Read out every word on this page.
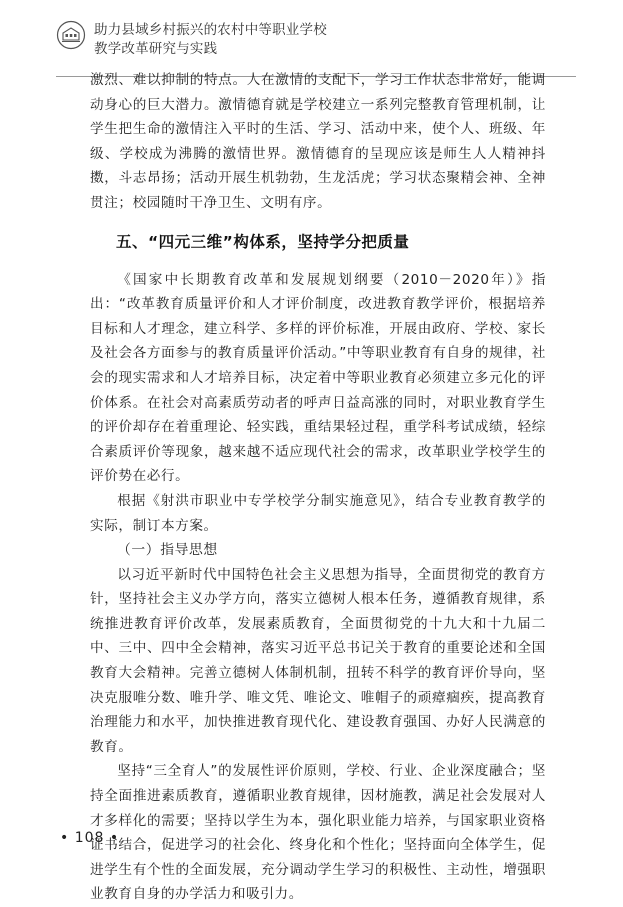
助力县域乡村振兴的农村中等职业学校
教学改革研究与实践

激烈、难以抑制的特点。人在激情的支配下，学习工作状态非常好，能调动身心的巨大潜力。激情德育就是学校建立一系列完整教育管理机制，让学生把生命的激情注入平时的生活、学习、活动中来，使个人、班级、年级、学校成为沸腾的激情世界。激情德育的呈现应该是师生人人精神抖擞，斗志昂扬；活动开展生机勃勃，生龙活虎；学习状态聚精会神、全神贯注；校园随时干净卫生、文明有序。

五、“四元三维”构体系，坚持学分把质量

《国家中长期教育改革和发展规划纲要（2010－2020年）》指出：“改革教育质量评价和人才评价制度，改进教育教学评价，根据培养目标和人才理念，建立科学、多样的评价标准，开展由政府、学校、家长及社会各方面参与的教育质量评价活动。”中等职业教育有自身的规律，社会的现实需求和人才培养目标，决定着中等职业教育必须建立多元化的评价体系。在社会对高素质劳动者的呼声日益高涨的同时，对职业教育学生的评价却存在着重理论、轻实践，重结果轻过程，重学科考试成绩，轻综合素质评价等现象，越来越不适应现代社会的需求，改革职业学校学生的评价势在必行。

根据《射洪市职业中专学校学分制实施意见》，结合专业教育教学的实际，制订本方案。

（一）指导思想

以习近平新时代中国特色社会主义思想为指导，全面贯彻党的教育方针，坚持社会主义办学方向，落实立德树人根本任务，遵循教育规律，系统推进教育评价改革，发展素质教育，全面贯彻党的十九大和十九届二中、三中、四中全会精神，落实习近平总书记关于教育的重要论述和全国教育大会精神。完善立德树人体制机制，扭转不科学的教育评价导向，坚决克服唯分数、唯升学、唯文凭、唯论文、唯帽子的顽瘴痼疾，提高教育治理能力和水平，加快推进教育现代化、建设教育强国、办好人民满意的教育。

坚持“三全育人”的发展性评价原则，学校、行业、企业深度融合；坚持全面推进素质教育，遵循职业教育规律，因材施教，满足社会发展对人才多样化的需要；坚持以学生为本，强化职业能力培养，与国家职业资格证书结合，促进学习的社会化、终身化和个性化；坚持面向全体学生，促进学生有个性的全面发展，充分调动学生学习的积极性、主动性，增强职业教育自身的办学活力和吸引力。

• 108 •
